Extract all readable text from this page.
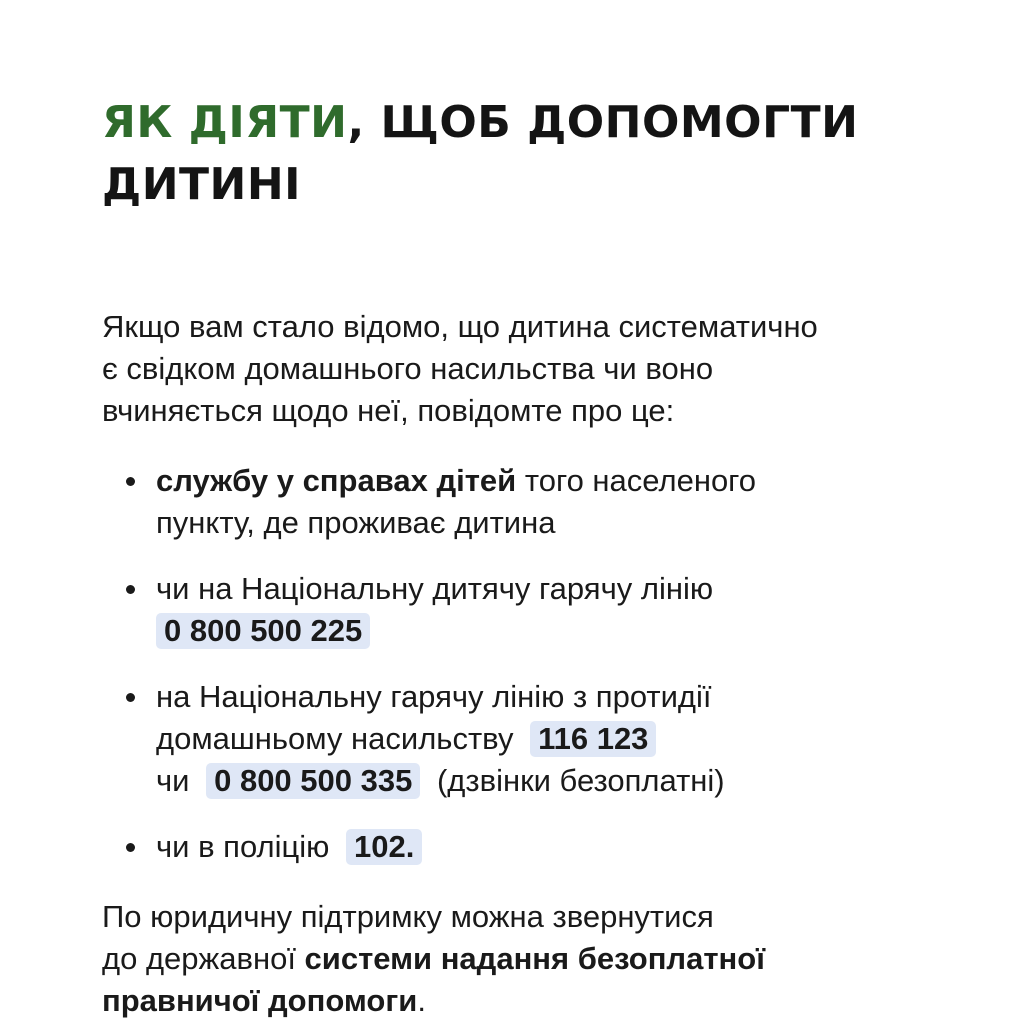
ЯК ДІЯТИ, ЩОБ ДОПОМОГТИ
ДИТИНІ

Якщо вам стало відомо, що дитина систематично
є свідком домашнього насильства чи воно
вчиняється щодо неї, повідомте про це:

службу у справах дітей того населеного
пункту, де проживає дитина
чи на Національну дитячу гарячу лінію
0 800 500 225
на Національну гарячу лінію з протидії
домашньому насильству 116 123
чи 0 800 500 335 (дзвінки безоплатні)
чи в поліцію 102.

По юридичну підтримку можна звернутися
до державної системи надання безоплатної
правничої допомоги.
